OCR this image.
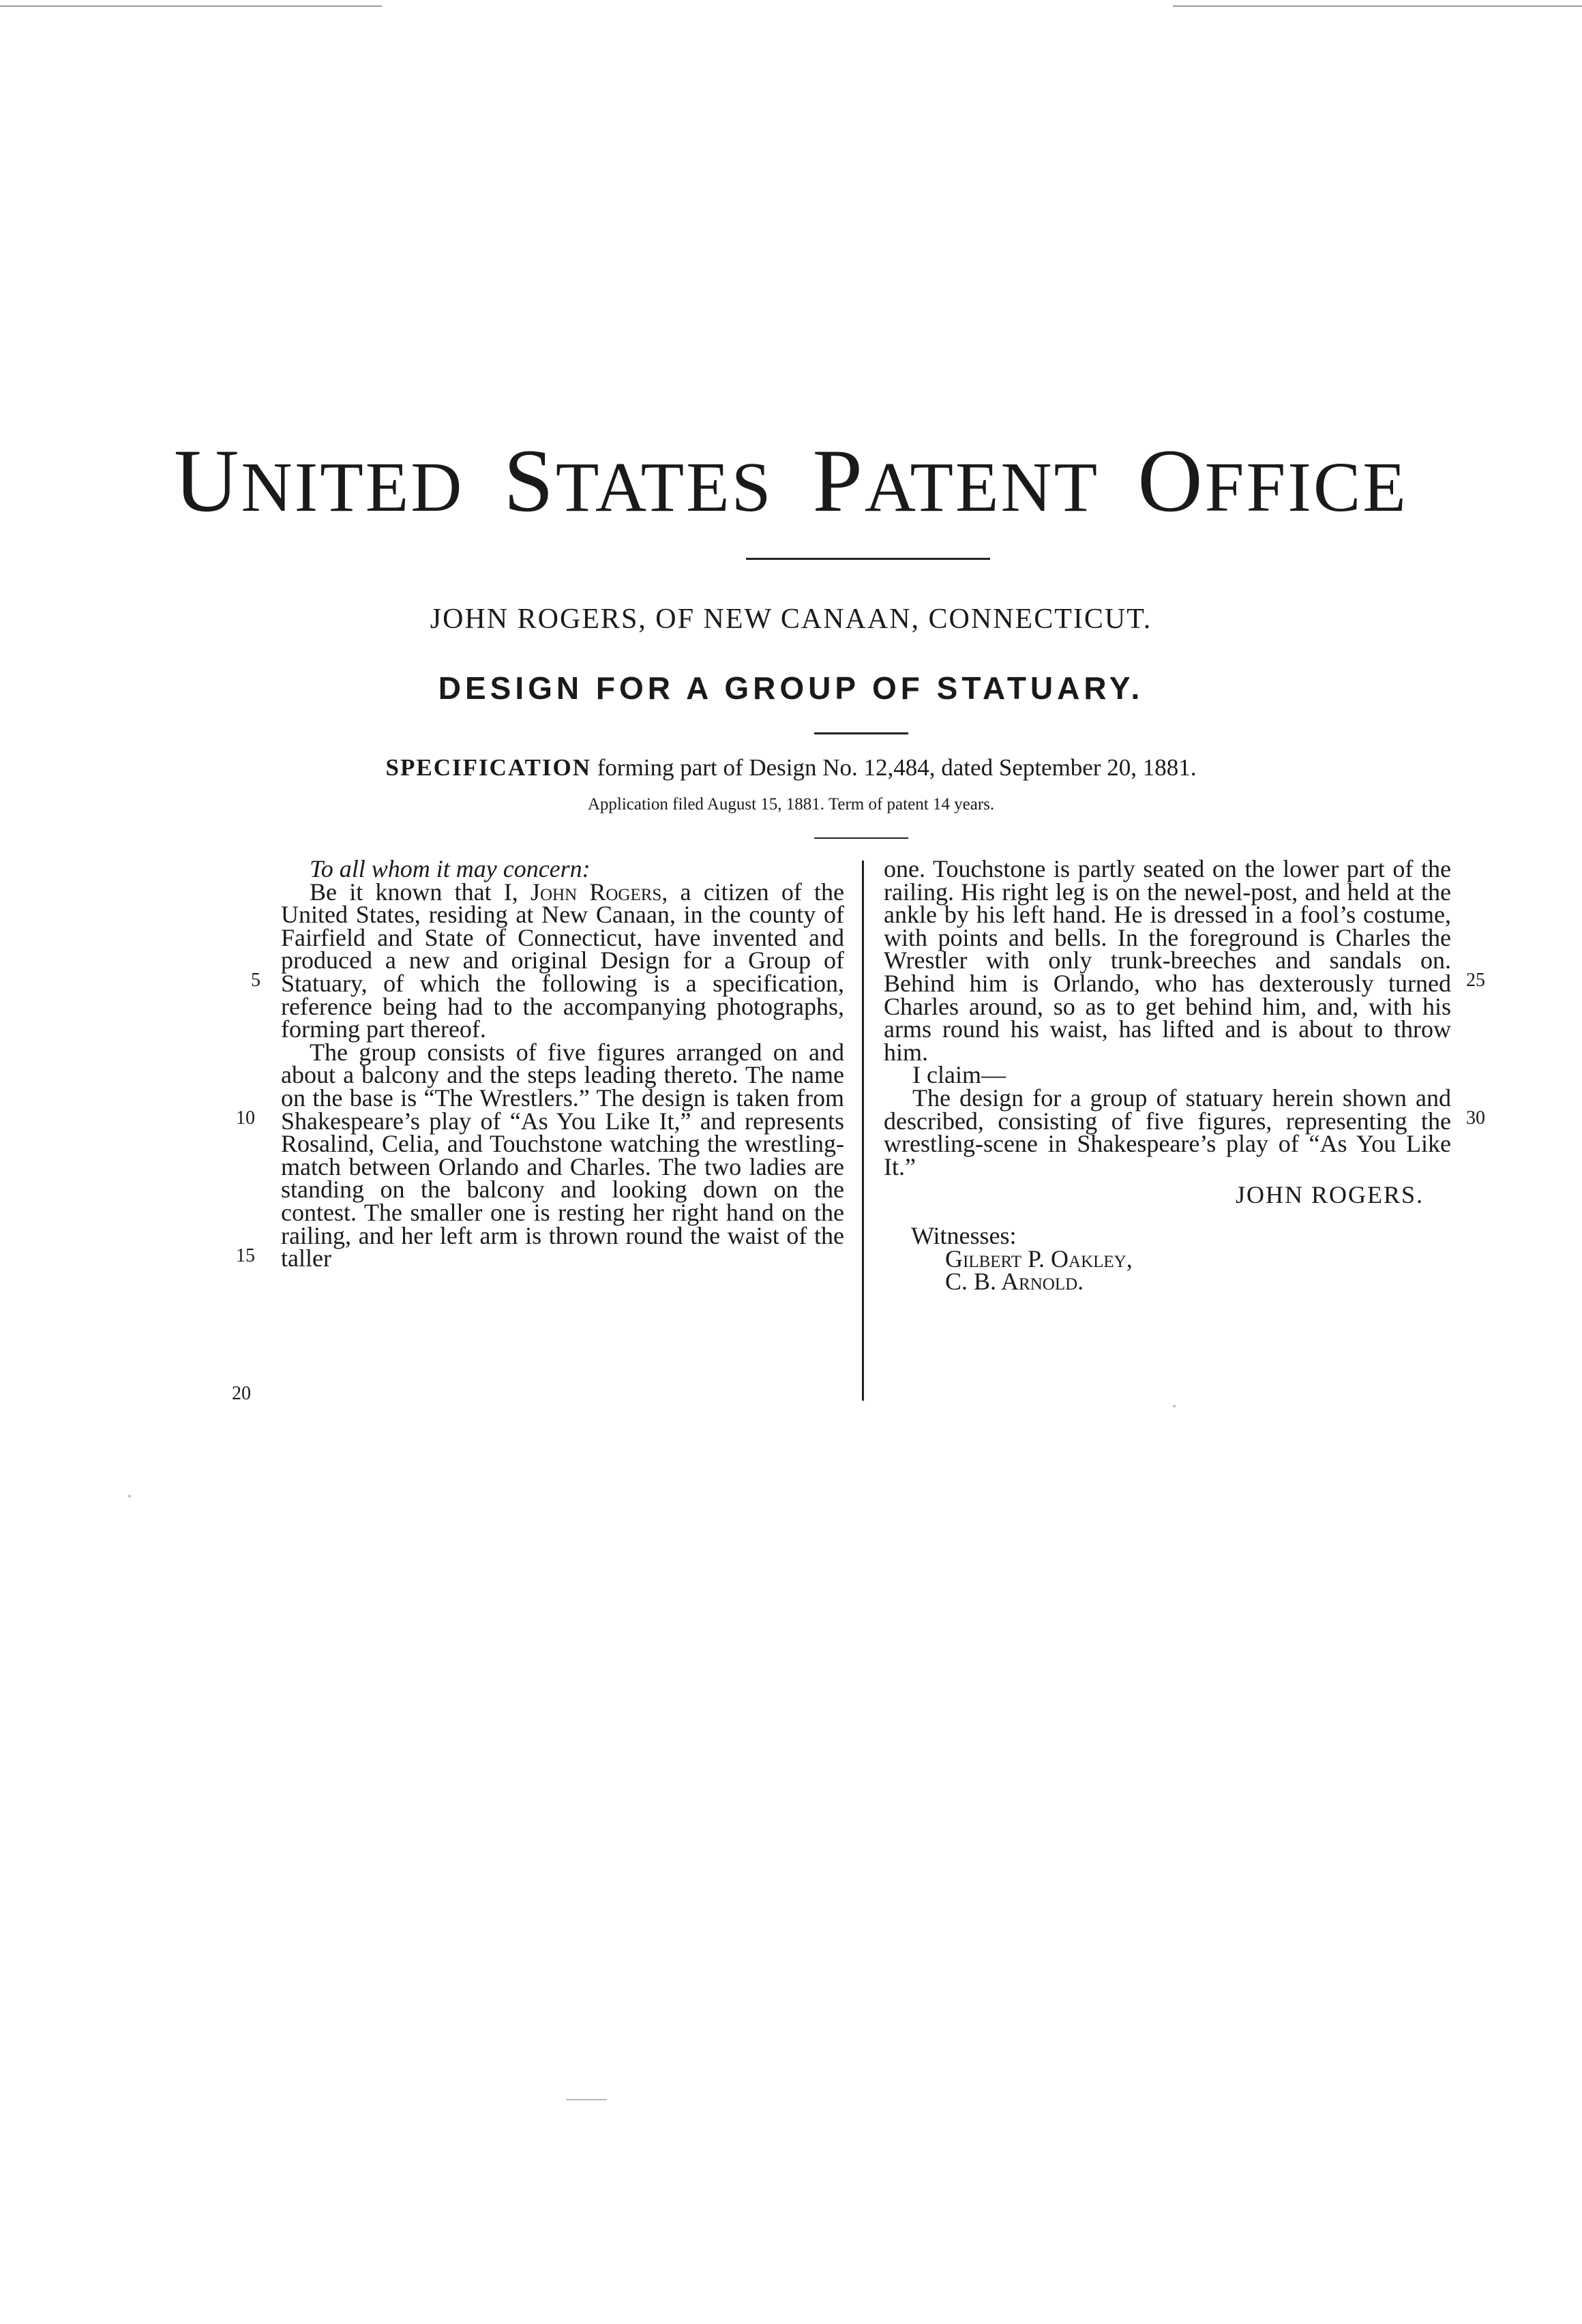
UNITED STATES PATENT OFFICE
JOHN ROGERS, OF NEW CANAAN, CONNECTICUT.
DESIGN FOR A GROUP OF STATUARY.
SPECIFICATION forming part of Design No. 12,484, dated September 20, 1881.
Application filed August 15, 1881. Term of patent 14 years.

To all whom it may concern:

Be it known that I, John Rogers, a citizen of the United States, residing at New Canaan, in the county of Fairfield and State of Connecticut, have invented and produced a new and original Design for a Group of Statuary, of which the following is a specification, reference being had to the accompanying photographs, forming part thereof.

The group consists of five figures arranged on and about a balcony and the steps leading thereto. The name on the base is “The Wrestlers.” The design is taken from Shakespeare’s play of “As You Like It,” and represents Rosalind, Celia, and Touchstone watching the wrestling-match between Orlando and Charles. The two ladies are standing on the balcony and looking down on the contest. The smaller one is resting her right hand on the railing, and her left arm is thrown round the waist of the taller

one. Touchstone is partly seated on the lower part of the railing. His right leg is on the newel-post, and held at the ankle by his left hand. He is dressed in a fool’s costume, with points and bells. In the foreground is Charles the Wrestler with only trunk-breeches and sandals on. Behind him is Orlando, who has dexterously turned Charles around, so as to get behind him, and, with his arms round his waist, has lifted and is about to throw him.

I claim—

The design for a group of statuary herein shown and described, consisting of five figures, representing the wrestling-scene in Shakespeare’s play of “As You Like It.”

JOHN ROGERS.
Witnesses:
Gilbert P. Oakley,
C. B. Arnold.
5
10
15
20
25
30
